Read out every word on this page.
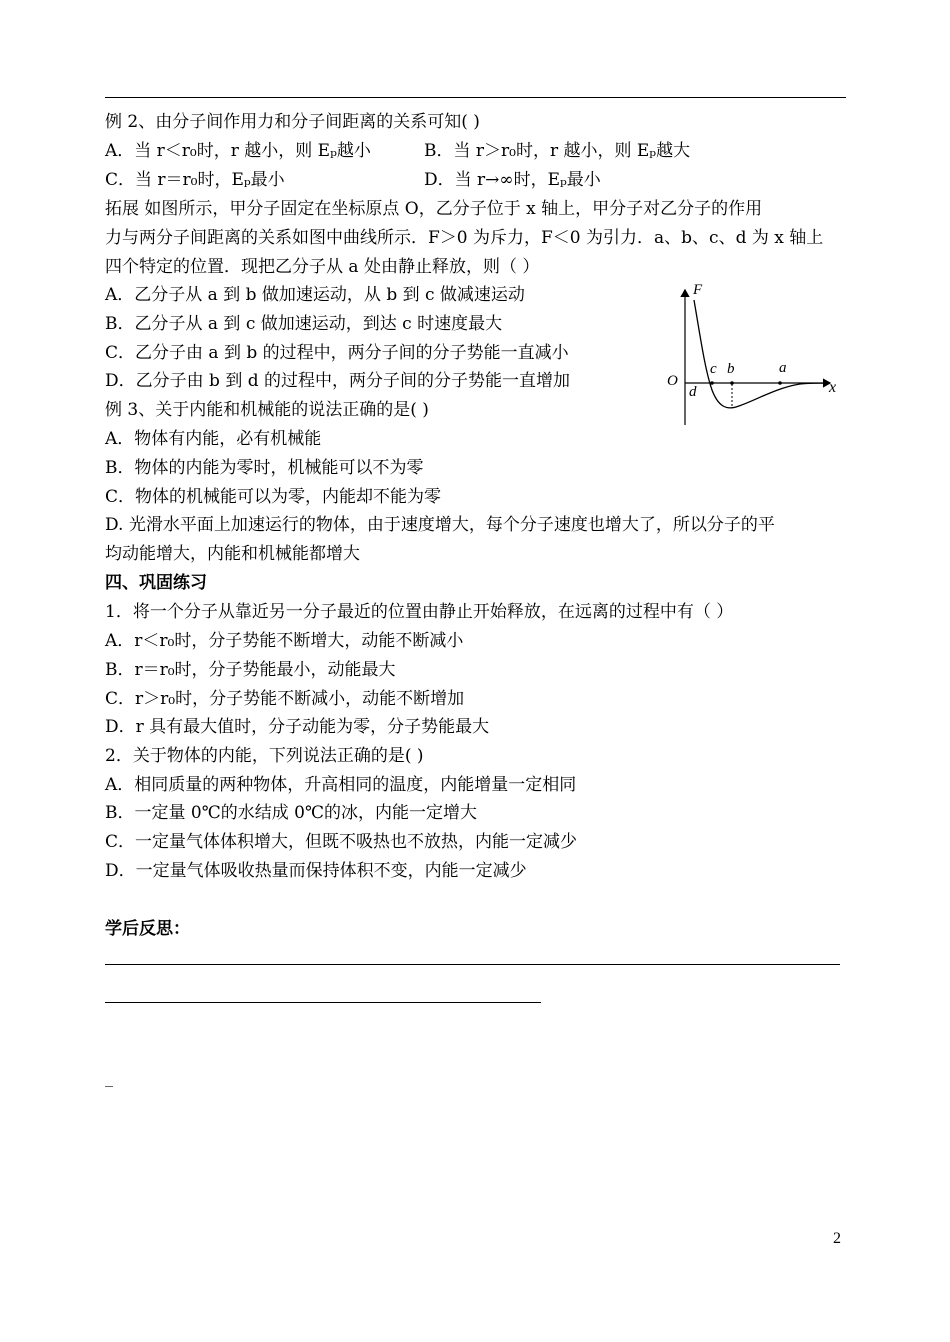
例 2、由分子间作用力和分子间距离的关系可知( )
A．当 r＜r₀时，r 越小，则 Eₚ越小	B．当 r＞r₀时，r 越小，则 Eₚ越大
C．当 r＝r₀时，Eₚ最小	D．当 r→∞时，Eₚ最小
拓展 如图所示，甲分子固定在坐标原点 O，乙分子位于 x 轴上，甲分子对乙分子的作用
力与两分子间距离的关系如图中曲线所示．F＞0 为斥力，F＜0 为引力．a、b、c、d 为 x 轴上
四个特定的位置．现把乙分子从 a 处由静止释放，则（ ）
A．乙分子从 a 到 b 做加速运动，从 b 到 c 做减速运动
B．乙分子从 a 到 c 做加速运动，到达 c 时速度最大
C．乙分子由 a 到 b 的过程中，两分子间的分子势能一直减小
D．乙分子由 b 到 d 的过程中，两分子间的分子势能一直增加
F
x
O
c b	a
d
例 3、关于内能和机械能的说法正确的是( )
A．物体有内能，必有机械能
B．物体的内能为零时，机械能可以不为零
C．物体的机械能可以为零，内能却不能为零
D. 光滑水平面上加速运行的物体，由于速度增大，每个分子速度也增大了，所以分子的平
均动能增大，内能和机械能都增大
四、巩固练习
1．将一个分子从靠近另一分子最近的位置由静止开始释放，在远离的过程中有（ ）
A．r＜r₀时，分子势能不断增大，动能不断减小
B．r＝r₀时，分子势能最小，动能最大
C．r＞r₀时，分子势能不断减小，动能不断增加
D．r 具有最大值时，分子动能为零，分子势能最大
2．关于物体的内能，下列说法正确的是( )
A．相同质量的两种物体，升高相同的温度，内能增量一定相同
B．一定量 0℃的水结成 0℃的冰，内能一定增大
C．一定量气体体积增大，但既不吸热也不放热，内能一定减少
D．一定量气体吸收热量而保持体积不变，内能一定减少
学后反思：
_
2
